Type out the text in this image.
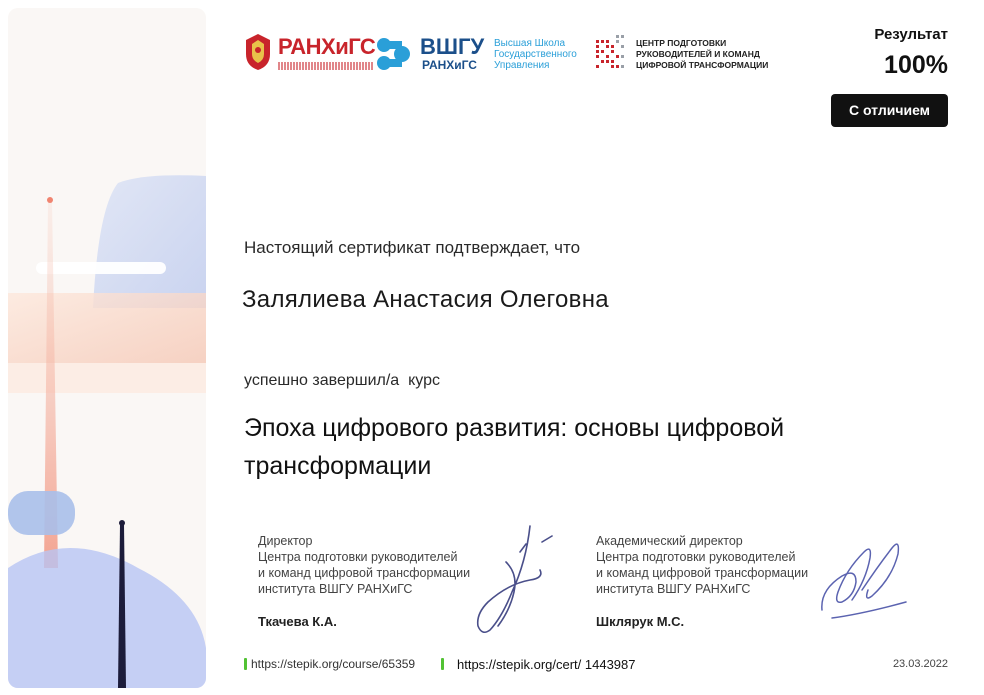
РАНХиГС ВШГУ
РАНХиГС
Высшая Школа
Государственного
Управления
ЦЕНТР ПОДГОТОВКИ
РУКОВОДИТЕЛЕЙ И КОМАНД
ЦИФРОВОЙ ТРАНСФОРМАЦИИ
Результат
100%
С отличием
Настоящий сертификат подтверждает, что
Залялиева Анастасия Олеговна
успешно завершил/а  курс
Эпоха цифрового развития: основы цифровой трансформации
Директор
Центра подготовки руководителей
и команд цифровой трансформации
института ВШГУ РАНХиГС
Ткачева К.А.
Академический директор
Центра подготовки руководителей
и команд цифровой трансформации
института ВШГУ РАНХиГС
Шклярук М.С.
https://stepik.org/course/65359	https://stepik.org/cert/ 1443987	23.03.2022
